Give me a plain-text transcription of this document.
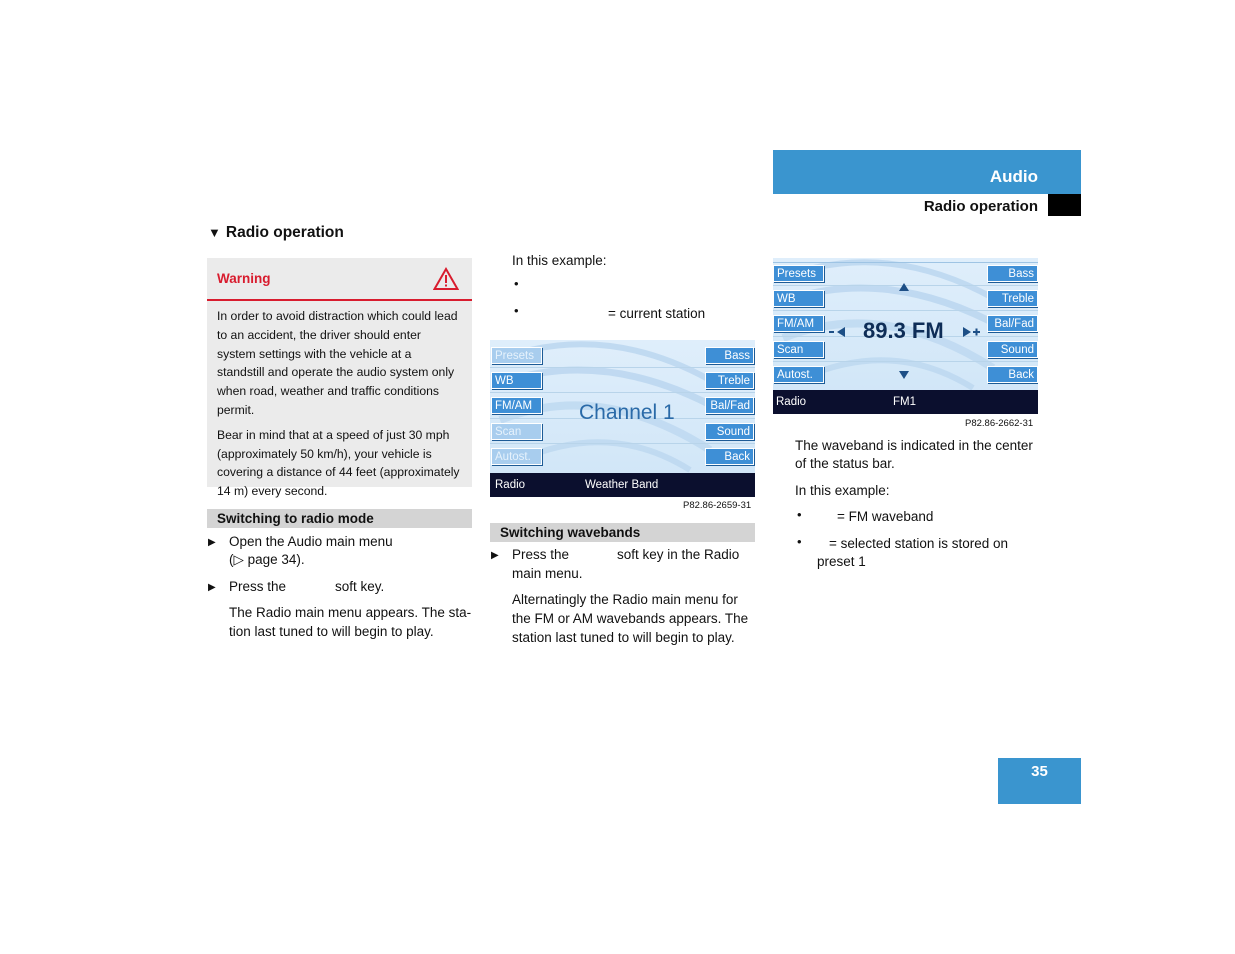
Audio
Radio operation
▼ Radio operation
Warning

In order to avoid distraction which could lead to an accident, the driver should enter system settings with the vehicle at a standstill and operate the audio system only when road, weather and traffic conditions permit.

Bear in mind that at a speed of just 30 mph (approximately 50 km/h), your vehicle is covering a distance of 44 feet (approximately 14 m) every second.

Switching to radio mode
▶ Open the Audio main menu
(▷ page 34).
▶ Press the	soft key.
The Radio main menu appears. The sta-
tion last tuned to will begin to play.
In this example:
•
•	= current station
Presets
WB
FM/AM
Scan
Autost.
Bass
Treble
Bal/Fad
Sound
Back
Channel 1
Radio	Weather Band
P82.86-2659-31
Switching wavebands
▶ Press the	soft key in the Radio
main menu.
Alternatingly the Radio main menu for
the FM or AM wavebands appears. The
station last tuned to will begin to play.
Presets
WB
FM/AM
Scan
Autost.
Bass
Treble
Bal/Fad
Sound
Back
89.3 FM
Radio	FM1
P82.86-2662-31
The waveband is indicated in the center
of the status bar.
In this example:
•	= FM waveband
• = selected station is stored on
preset 1
35
